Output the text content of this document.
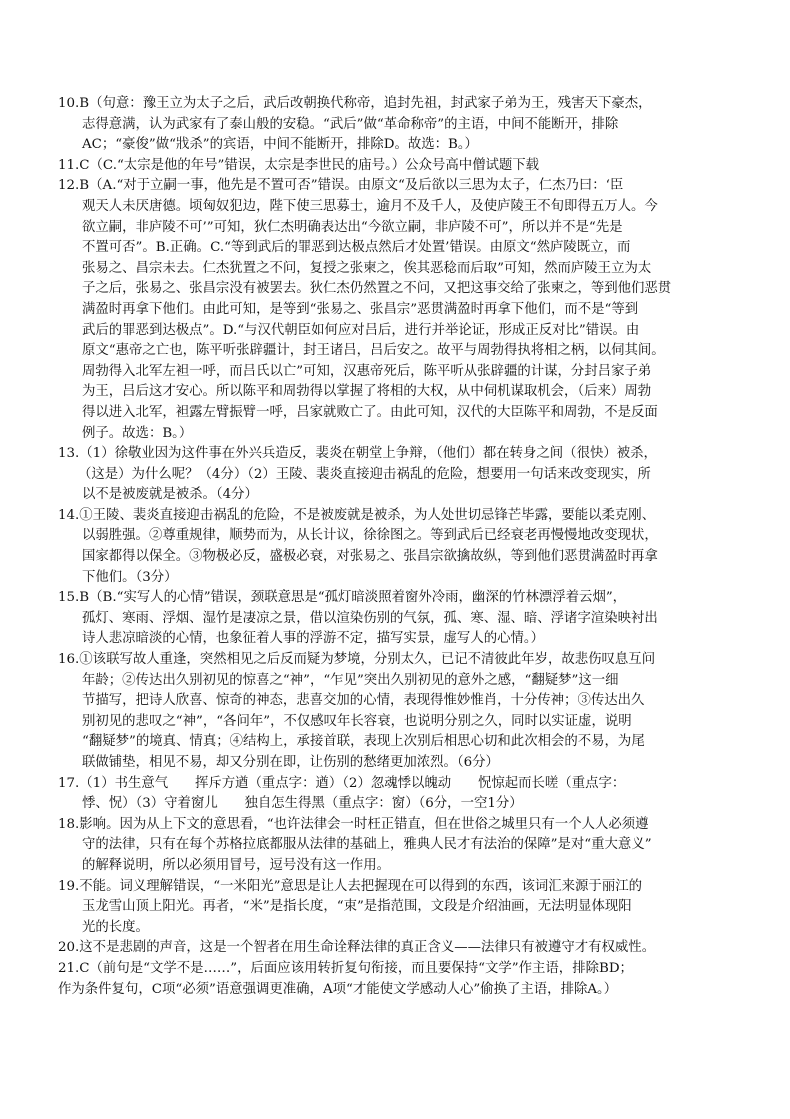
10.B（句意：豫王立为太子之后，武后改朝换代称帝，追封先祖，封武家子弟为王，残害天下豪杰，
志得意满，认为武家有了泰山般的安稳。“武后”做“革命称帝”的主语，中间不能断开，排除
AC；“豪俊”做“戕杀”的宾语，中间不能断开，排除D。故选：B。）
11.C（C.“太宗是他的年号”错误，太宗是李世民的庙号。）公众号高中僧试题下载
12.B（A.“对于立嗣一事，他先是不置可否”错误。由原文“及后欲以三思为太子，仁杰乃曰：‘臣
观天人未厌唐德。顷匈奴犯边，陛下使三思募士，逾月不及千人，及使庐陵王不旬即得五万人。今
欲立嗣，非庐陵不可’”可知，狄仁杰明确表达出“今欲立嗣，非庐陵不可”，所以并不是“先是
不置可否”。B.正确。C.“等到武后的罪恶到达极点然后才处置’错误。由原文“然庐陵既立，而
张易之、昌宗未去。仁杰犹置之不问，复授之张柬之，俟其恶稔而后取”可知，然而庐陵王立为太
子之后，张易之、张昌宗没有被罢去。狄仁杰仍然置之不问，又把这事交给了张柬之，等到他们恶贯
满盈时再拿下他们。由此可知，是等到“张易之、张昌宗”恶贯满盈时再拿下他们，而不是“等到
武后的罪恶到达极点”。D.“与汉代朝臣如何应对吕后，进行并举论证，形成正反对比”错误。由
原文“惠帝之亡也，陈平听张辟疆计，封王诸吕，吕后安之。故平与周勃得执将相之柄，以伺其间。
周勃得入北军左袒一呼，而吕氏以亡”可知，汉惠帝死后，陈平听从张辟疆的计谋，分封吕家子弟
为王，吕后这才安心。所以陈平和周勃得以掌握了将相的大权，从中伺机谋取机会，（后来）周勃
得以进入北军，袒露左臂振臂一呼，吕家就败亡了。由此可知，汉代的大臣陈平和周勃，不是反面
例子。故选：B。）
13.（1）徐敬业因为这件事在外兴兵造反，裴炎在朝堂上争辩，（他们）都在转身之间（很快）被杀，
（这是）为什么呢？（4分）（2）王陵、裴炎直接迎击祸乱的危险，想要用一句话来改变现实，所
以不是被废就是被杀。（4分）
14.①王陵、裴炎直接迎击祸乱的危险，不是被废就是被杀，为人处世切忌锋芒毕露，要能以柔克刚、
以弱胜强。②尊重规律，顺势而为，从长计议，徐徐图之。等到武后已经衰老再慢慢地改变现状，
国家都得以保全。③物极必反，盛极必衰，对张易之、张昌宗欲擒故纵，等到他们恶贯满盈时再拿
下他们。（3分）
15.B（B.“实写人的心情”错误，颈联意思是“孤灯暗淡照着窗外冷雨，幽深的竹林漂浮着云烟”，
孤灯、寒雨、浮烟、湿竹是凄凉之景，借以渲染伤别的气氛，孤、寒、湿、暗、浮诸字渲染映衬出
诗人悲凉暗淡的心情，也象征着人事的浮游不定，描写实景，虚写人的心情。）
16.①该联写故人重逢，突然相见之后反而疑为梦境，分别太久，已记不清彼此年岁，故悲伤叹息互问
年龄；②传达出久别初见的惊喜之“神”，“乍见”突出久别初见的意外之感，“翻疑梦”这一细
节描写，把诗人欣喜、惊奇的神态，悲喜交加的心情，表现得惟妙惟肖，十分传神；③传达出久
别初见的悲叹之“神”，“各问年”，不仅感叹年长容衰，也说明分别之久，同时以实证虚，说明
“翻疑梦”的境真、情真；④结构上，承接首联，表现上次别后相思心切和此次相会的不易，为尾
联做铺垫，相见不易，却又分别在即，让伤别的愁绪更加浓烈。（6分）
17.（1）书生意气　　挥斥方遒（重点字：遒）（2）忽魂悸以魄动　　怳惊起而长嗟（重点字：
悸、怳）（3）守着窗儿　　独自怎生得黑（重点字：窗）（6分，一空1分）
18.影响。因为从上下文的意思看，“也许法律会一时枉正错直，但在世俗之城里只有一个人人必须遵
守的法律，只有在每个苏格拉底都服从法律的基础上，雅典人民才有法治的保障”是对“重大意义”
的解释说明，所以必须用冒号，逗号没有这一作用。
19.不能。词义理解错误，“一米阳光”意思是让人去把握现在可以得到的东西，该词汇来源于丽江的
玉龙雪山顶上阳光。再者，“米”是指长度，“束”是指范围，文段是介绍油画，无法明显体现阳
光的长度。
20.这不是悲剧的声音，这是一个智者在用生命诠释法律的真正含义——法律只有被遵守才有权威性。
21.C（前句是“文学不是……”，后面应该用转折复句衔接，而且要保持“文学”作主语，排除BD；
作为条件复句，C项“必须”语意强调更准确，A项“才能使文学感动人心”偷换了主语，排除A。）
